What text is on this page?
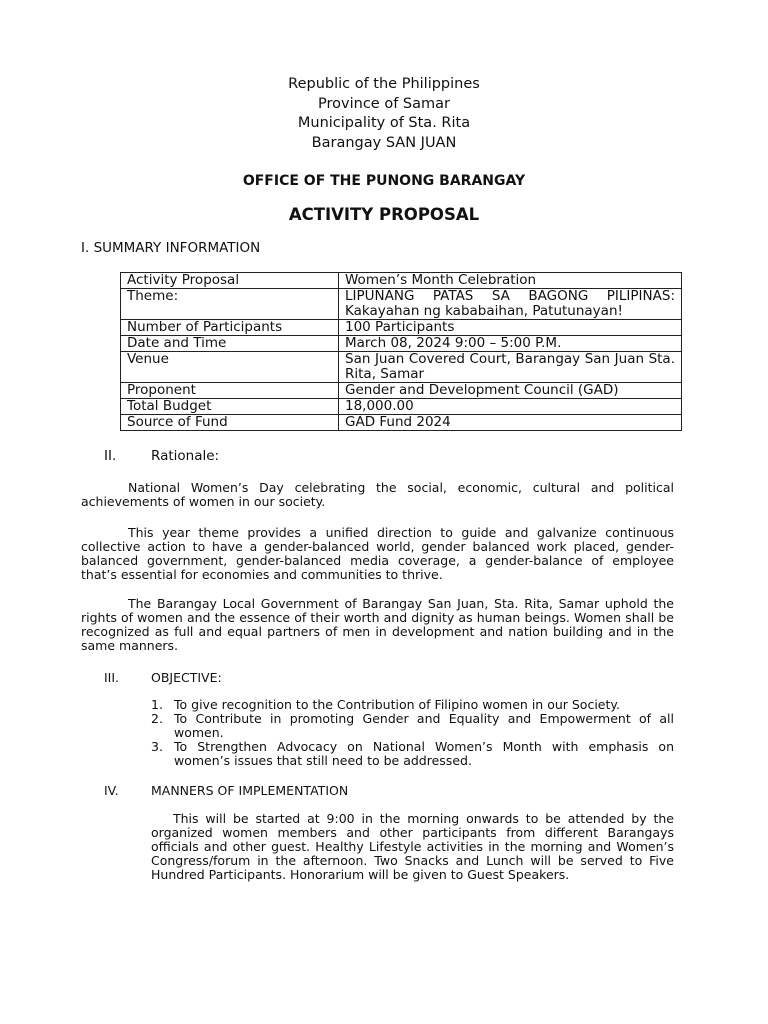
Republic of the Philippines
Province of Samar
Municipality of Sta. Rita
Barangay SAN JUAN
OFFICE OF THE PUNONG BARANGAY
ACTIVITY PROPOSAL
I. SUMMARY INFORMATION
Activity Proposal	Women’s Month Celebration
Theme:	LIPUNANG PATAS SA BAGONG PILIPINAS: Kakayahan ng kababaihan, Patutunayan!
Number of Participants	100 Participants
Date and Time	March 08, 2024 9:00 – 5:00 P.M.
Venue	San Juan Covered Court, Barangay San Juan Sta. Rita, Samar
Proponent	Gender and Development Council (GAD)
Total Budget	18,000.00
Source of Fund	GAD Fund 2024
II.	Rationale:

National Women’s Day celebrating the social, economic, cultural and political achievements of women in our society.

This year theme provides a unified direction to guide and galvanize continuous collective action to have a gender-balanced world, gender balanced work placed, gender-balanced government, gender-balanced media coverage, a gender-balance of employee that’s essential for economies and communities to thrive.

The Barangay Local Government of Barangay San Juan, Sta. Rita, Samar uphold the rights of women and the essence of their worth and dignity as human beings. Women shall be recognized as full and equal partners of men in development and nation building and in the same manners.

III.	OBJECTIVE:
1. To give recognition to the Contribution of Filipino women in our Society.
2. To Contribute in promoting Gender and Equality and Empowerment of all women.
3. To Strengthen Advocacy on National Women’s Month with emphasis on women’s issues that still need to be addressed.
IV.	MANNERS OF IMPLEMENTATION

This will be started at 9:00 in the morning onwards to be attended by the organized women members and other participants from different Barangays officials and other guest. Healthy Lifestyle activities in the morning and Women’s Congress/forum in the afternoon. Two Snacks and Lunch will be served to Five Hundred Participants. Honorarium will be given to Guest Speakers.
